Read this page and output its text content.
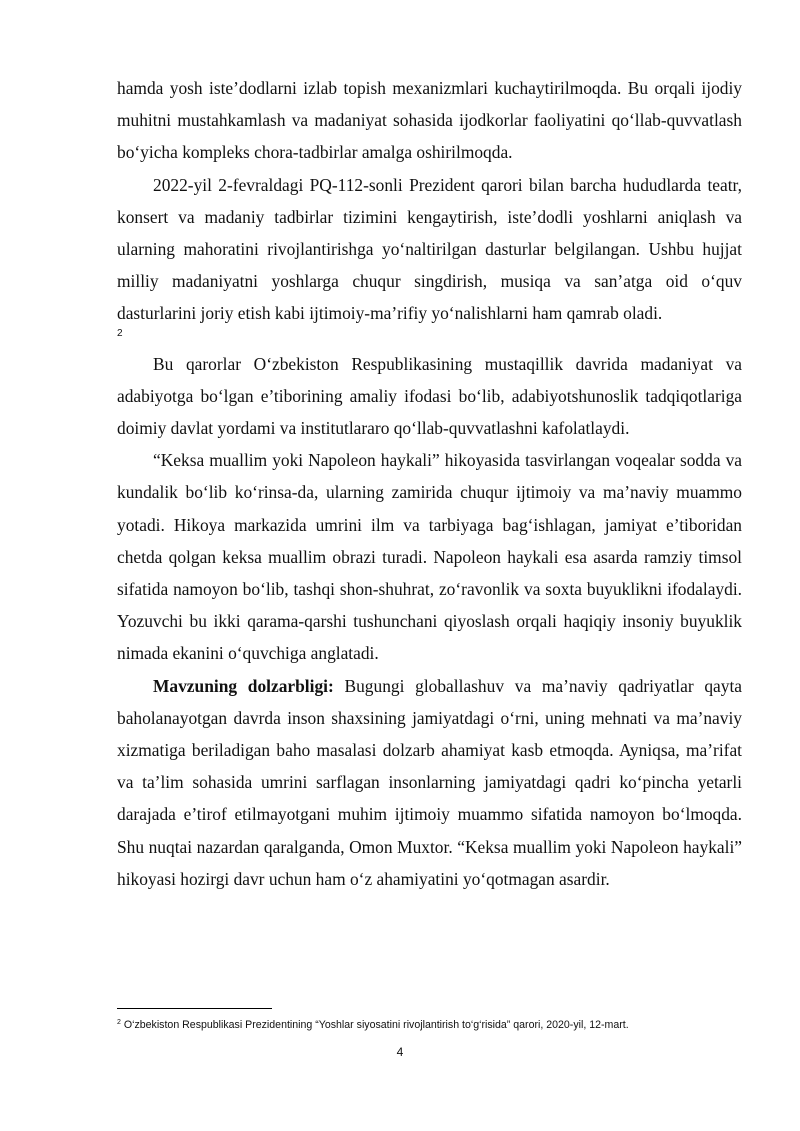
hamda yosh iste’dodlarni izlab topish mexanizmlari kuchaytirilmoqda. Bu orqali ijodiy muhitni mustahkamlash va madaniyat sohasida ijodkorlar faoliyatini qo‘llab-quvvatlash bo‘yicha kompleks chora-tadbirlar amalga oshirilmoqda.

2022-yil 2-fevraldagi PQ-112-sonli Prezident qarori bilan barcha hududlarda teatr, konsert va madaniy tadbirlar tizimini kengaytirish, iste’dodli yoshlarni aniqlash va ularning mahoratini rivojlantirishga yo‘naltirilgan dasturlar belgilangan. Ushbu hujjat milliy madaniyatni yoshlarga chuqur singdirish, musiqa va san’atga oid o‘quv dasturlarini joriy etish kabi ijtimoiy-ma’rifiy yo‘nalishlarni ham qamrab oladi.

2

Bu qarorlar O‘zbekiston Respublikasining mustaqillik davrida madaniyat va adabiyotga bo‘lgan e’tiborining amaliy ifodasi bo‘lib, adabiyotshunoslik tadqiqotlariga doimiy davlat yordami va institutlararo qo‘llab-quvvatlashni kafolatlaydi.

“Keksa muallim yoki Napoleon haykali” hikoyasida tasvirlangan voqealar sodda va kundalik bo‘lib ko‘rinsa-da, ularning zamirida chuqur ijtimoiy va ma’naviy muammo yotadi. Hikoya markazida umrini ilm va tarbiyaga bag‘ishlagan, jamiyat e’tiboridan chetda qolgan keksa muallim obrazi turadi. Napoleon haykali esa asarda ramziy timsol sifatida namoyon bo‘lib, tashqi shon-shuhrat, zo‘ravonlik va soxta buyuklikni ifodalaydi. Yozuvchi bu ikki qarama-qarshi tushunchani qiyoslash orqali haqiqiy insoniy buyuklik nimada ekanini o‘quvchiga anglatadi.

Mavzuning dolzarbligi: Bugungi globallashuv va ma’naviy qadriyatlar qayta baholanayotgan davrda inson shaxsining jamiyatdagi o‘rni, uning mehnati va ma’naviy xizmatiga beriladigan baho masalasi dolzarb ahamiyat kasb etmoqda. Ayniqsa, ma’rifat va ta’lim sohasida umrini sarflagan insonlarning jamiyatdagi qadri ko‘pincha yetarli darajada e’tirof etilmayotgani muhim ijtimoiy muammo sifatida namoyon bo‘lmoqda. Shu nuqtai nazardan qaralganda, Omon Muxtor. “Keksa muallim yoki Napoleon haykali” hikoyasi hozirgi davr uchun ham o‘z ahamiyatini yo‘qotmagan asardir.

$^2$ O‘zbekiston Respublikasi Prezidentining “Yoshlar siyosatini rivojlantirish to‘g‘risida” qarori, 2020-yil, 12-mart.
4
